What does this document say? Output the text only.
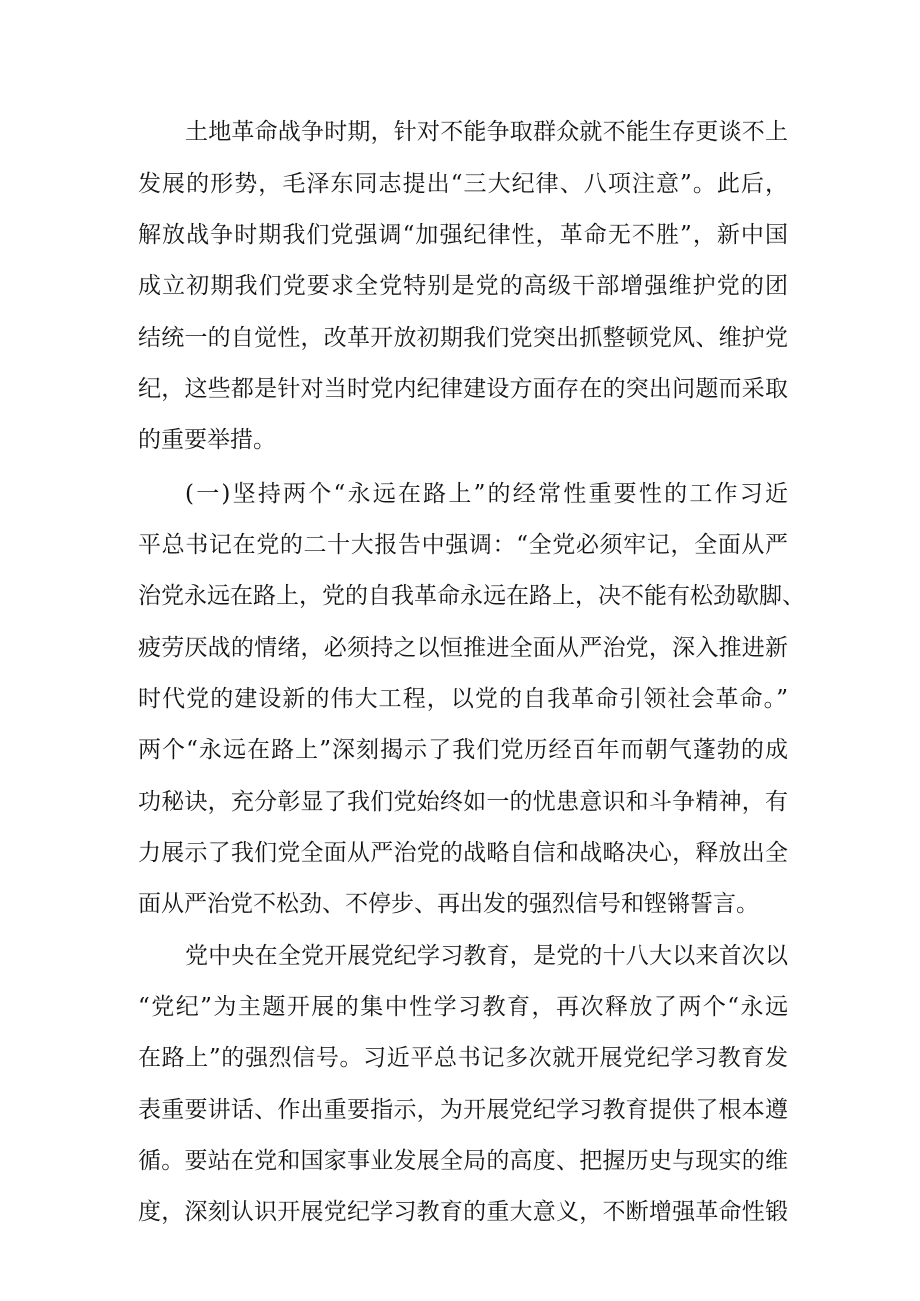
土地革命战争时期，针对不能争取群众就不能生存更谈不上
发展的形势，毛泽东同志提出“三大纪律、八项注意”。此后，
解放战争时期我们党强调“加强纪律性，革命无不胜”，新中国
成立初期我们党要求全党特别是党的高级干部增强维护党的团
结统一的自觉性，改革开放初期我们党突出抓整顿党风、维护党
纪，这些都是针对当时党内纪律建设方面存在的突出问题而采取
的重要举措。
(一)坚持两个“永远在路上”的经常性重要性的工作习近
平总书记在党的二十大报告中强调：“全党必须牢记，全面从严
治党永远在路上，党的自我革命永远在路上，决不能有松劲歇脚、
疲劳厌战的情绪，必须持之以恒推进全面从严治党，深入推进新
时代党的建设新的伟大工程，以党的自我革命引领社会革命。”
两个“永远在路上”深刻揭示了我们党历经百年而朝气蓬勃的成
功秘诀，充分彰显了我们党始终如一的忧患意识和斗争精神，有
力展示了我们党全面从严治党的战略自信和战略决心，释放出全
面从严治党不松劲、不停步、再出发的强烈信号和铿锵誓言。
党中央在全党开展党纪学习教育，是党的十八大以来首次以
“党纪”为主题开展的集中性学习教育，再次释放了两个“永远
在路上”的强烈信号。习近平总书记多次就开展党纪学习教育发
表重要讲话、作出重要指示，为开展党纪学习教育提供了根本遵
循。要站在党和国家事业发展全局的高度、把握历史与现实的维
度，深刻认识开展党纪学习教育的重大意义，不断增强革命性锻
